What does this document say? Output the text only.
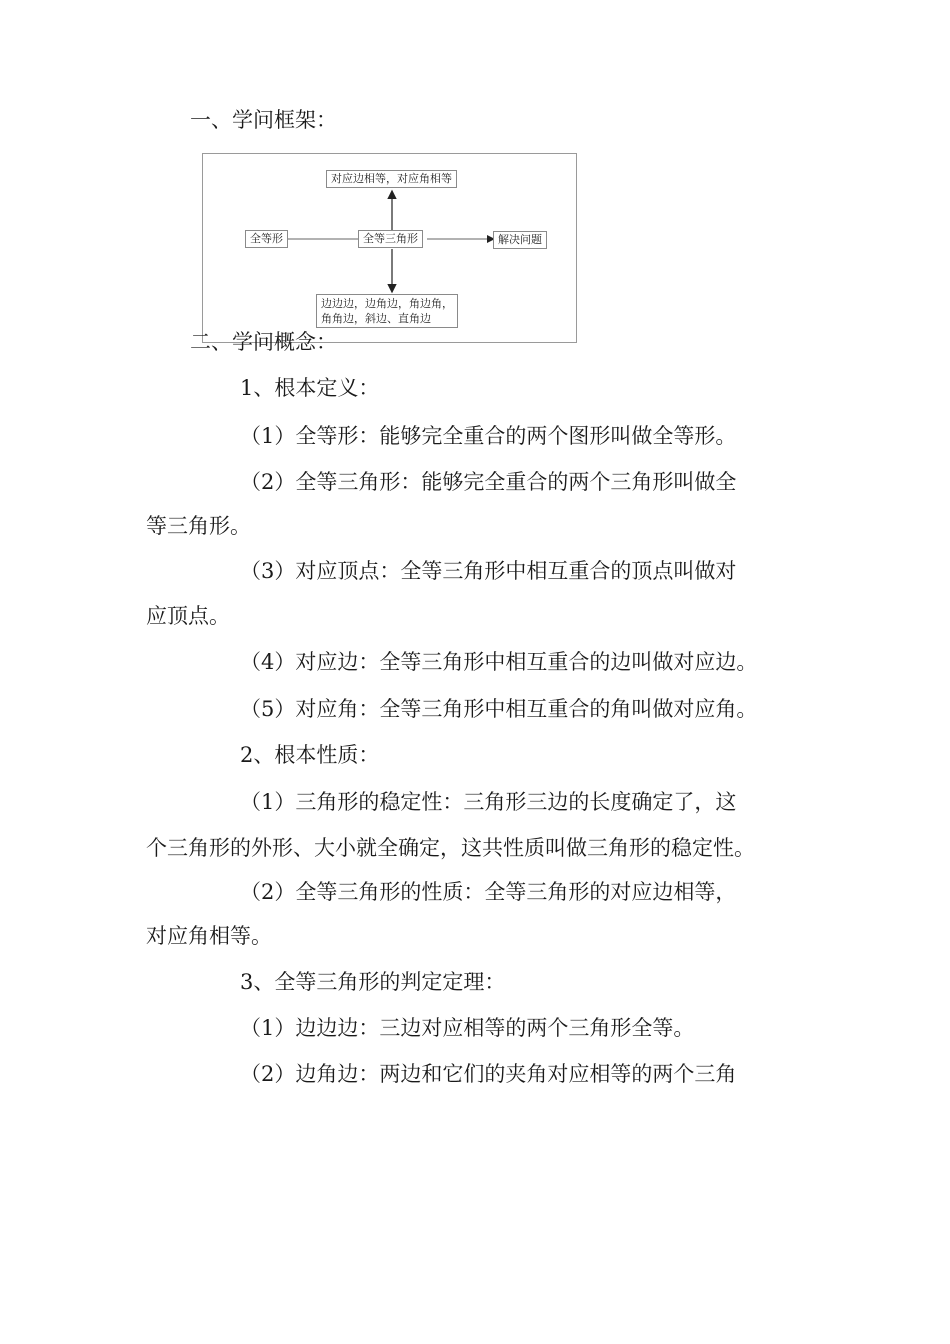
一、学问框架：
对应边相等，对应角相等
全等形	全等三角形	解决问题
边边边，边角边，角边角，
角角边，斜边、直角边
二、学问概念：
1、根本定义：
（1）全等形：能够完全重合的两个图形叫做全等形。
（2）全等三角形：能够完全重合的两个三角形叫做全
等三角形。
（3）对应顶点：全等三角形中相互重合的顶点叫做对
应顶点。
（4）对应边：全等三角形中相互重合的边叫做对应边。
（5）对应角：全等三角形中相互重合的角叫做对应角。
2、根本性质：
（1）三角形的稳定性：三角形三边的长度确定了，这
个三角形的外形、大小就全确定，这共性质叫做三角形的稳定性。
（2）全等三角形的性质：全等三角形的对应边相等，
对应角相等。
3、全等三角形的判定定理：
（1）边边边：三边对应相等的两个三角形全等。
（2）边角边：两边和它们的夹角对应相等的两个三角
